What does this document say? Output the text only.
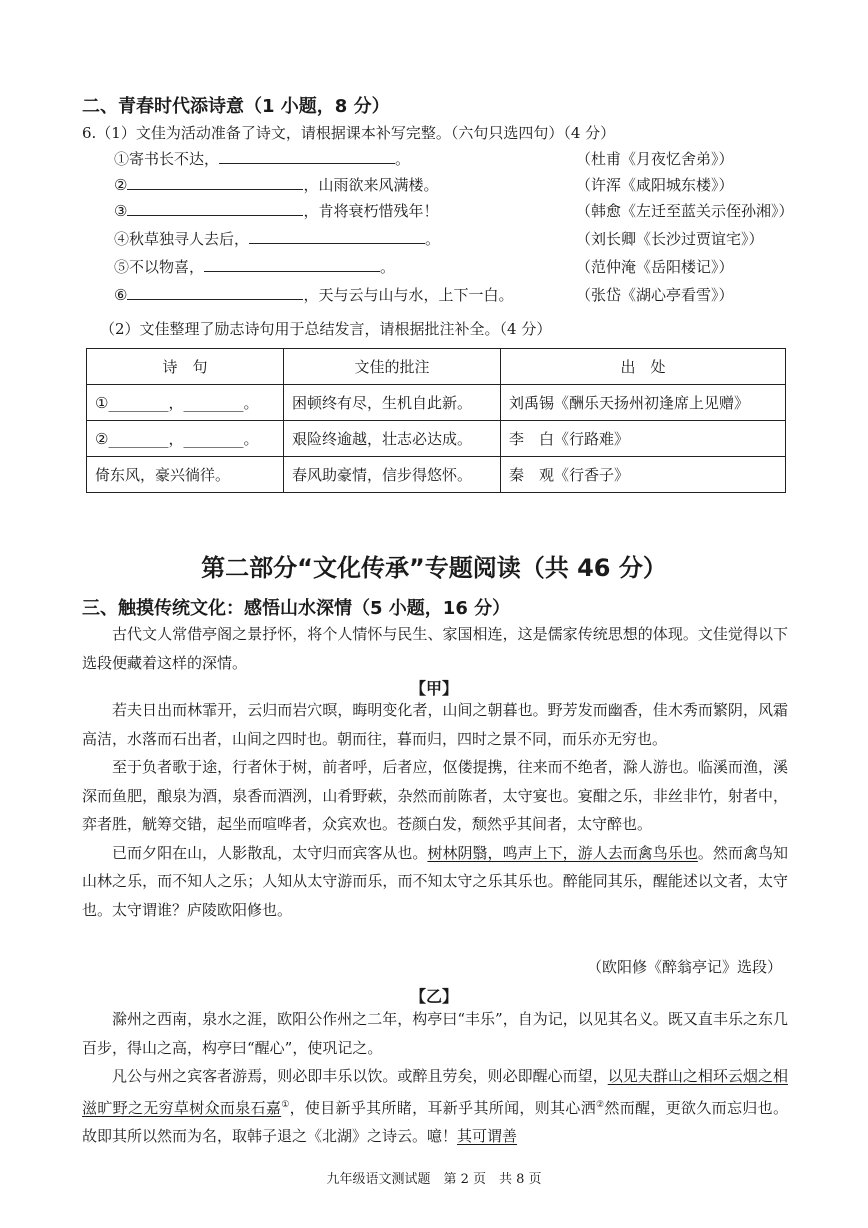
二、青春时代添诗意（1 小题，8 分）
6.（1）文佳为活动准备了诗文，请根据课本补写完整。（六句只选四句）（4 分）
①寄书长不达，	。	（杜甫《月夜忆舍弟》）
②	，山雨欲来风满楼。	（许浑《咸阳城东楼》）
③	，肯将衰朽惜残年！	（韩愈《左迁至蓝关示侄孙湘》）
④秋草独寻人去后，	。	（刘长卿《长沙过贾谊宅》）
⑤不以物喜，	。	（范仲淹《岳阳楼记》）
⑥	，天与云与山与水，上下一白。	（张岱《湖心亭看雪》）
（2）文佳整理了励志诗句用于总结发言，请根据批注补全。（4 分）
诗　句	文佳的批注	出　处
①________，________。	困顿终有尽，生机自此新。	刘禹锡《酬乐天扬州初逢席上见赠》
②________，________。	艰险终逾越，壮志必达成。	李　白《行路难》
倚东风，豪兴徜徉。	春风助豪情，信步得悠怀。	秦　观《行香子》
第二部分“文化传承”专题阅读（共 46 分）
三、触摸传统文化：感悟山水深情（5 小题，16 分）

古代文人常借亭阁之景抒怀，将个人情怀与民生、家国相连，这是儒家传统思想的体现。文佳觉得以下选段便藏着这样的深情。

【甲】

若夫日出而林霏开，云归而岩穴暝，晦明变化者，山间之朝暮也。野芳发而幽香，佳木秀而繁阴，风霜高洁，水落而石出者，山间之四时也。朝而往，暮而归，四时之景不同，而乐亦无穷也。

至于负者歌于途，行者休于树，前者呼，后者应，伛偻提携，往来而不绝者，滁人游也。临溪而渔，溪深而鱼肥，酿泉为酒，泉香而酒洌，山肴野蔌，杂然而前陈者，太守宴也。宴酣之乐，非丝非竹，射者中，弈者胜，觥筹交错，起坐而喧哗者，众宾欢也。苍颜白发，颓然乎其间者，太守醉也。

已而夕阳在山，人影散乱，太守归而宾客从也。树林阴翳，鸣声上下，游人去而禽鸟乐也。然而禽鸟知山林之乐，而不知人之乐；人知从太守游而乐，而不知太守之乐其乐也。醉能同其乐，醒能述以文者，太守也。太守谓谁？庐陵欧阳修也。

（欧阳修《醉翁亭记》选段）
【乙】

滁州之西南，泉水之涯，欧阳公作州之二年，构亭曰“丰乐”，自为记，以见其名义。既又直丰乐之东几百步，得山之高，构亭曰“醒心”，使巩记之。

凡公与州之宾客者游焉，则必即丰乐以饮。或醉且劳矣，则必即醒心而望，以见夫群山之相环云烟之相滋旷野之无穷草树众而泉石嘉①，使目新乎其所睹，耳新乎其所闻，则其心洒②然而醒，更欲久而忘归也。故即其所以然而为名，取韩子退之《北湖》之诗云。噫！其可谓善

九年级语文测试题　第 2 页　共 8 页
